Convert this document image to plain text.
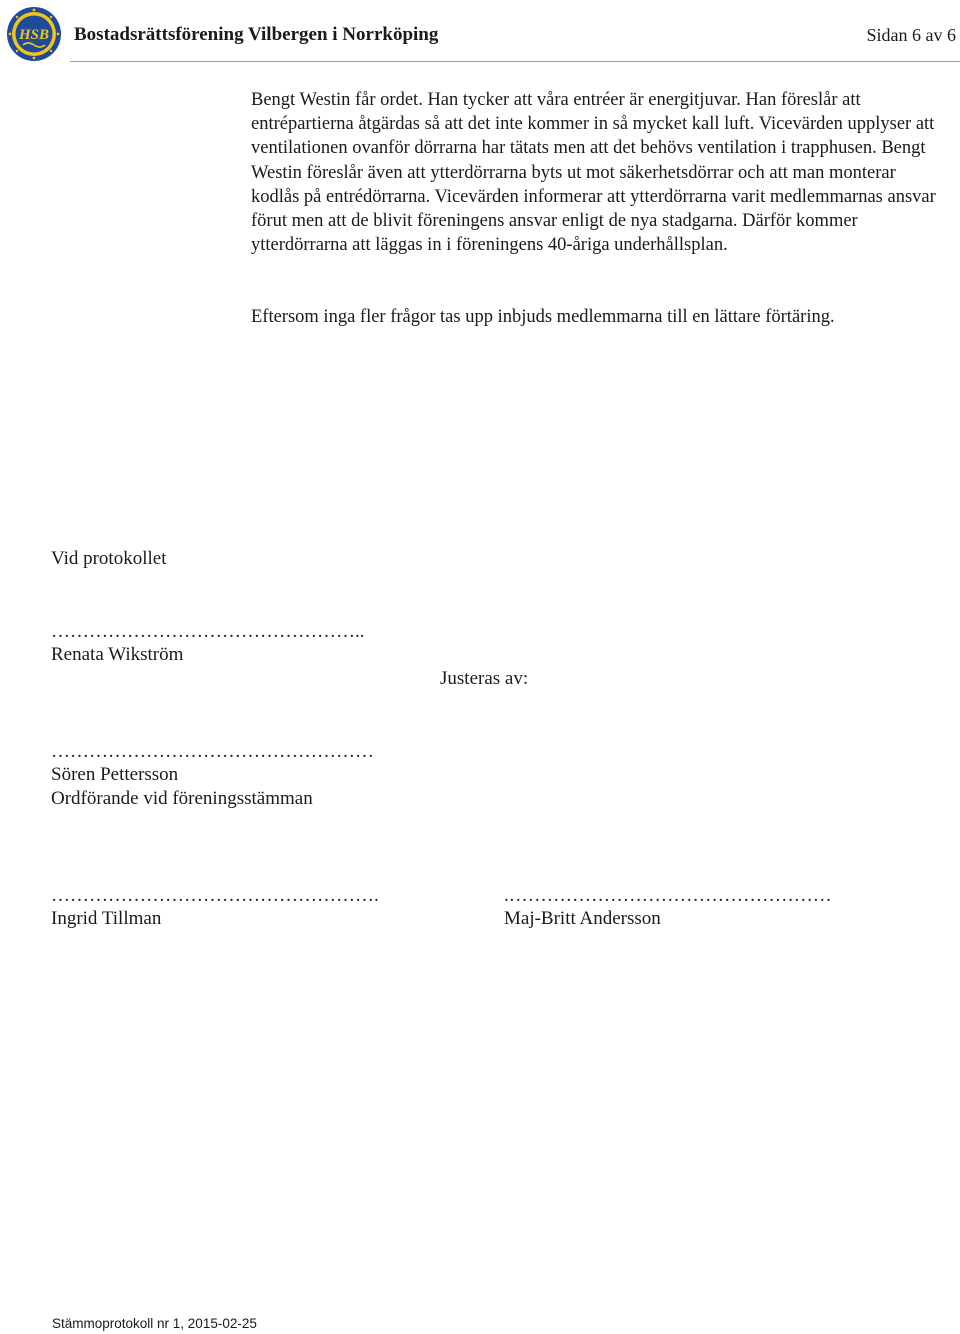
HSB Bostadsrättsförening Vilbergen i Norrköping	Sidan 6 av 6

Bengt Westin får ordet. Han tycker att våra entréer är energitjuvar. Han föreslår att entrépartierna åtgärdas så att det inte kommer in så mycket kall luft. Vicevärden upplyser att ventilationen ovanför dörrarna har tätats men att det behövs ventilation i trapphusen. Bengt Westin föreslår även att ytterdörrarna byts ut mot säkerhetsdörrar och att man monterar kodlås på entrédörrarna. Vicevärden informerar att ytterdörrarna varit medlemmarnas ansvar förut men att de blivit föreningens ansvar enligt de nya stadgarna. Därför kommer ytterdörrarna att läggas in i föreningens 40-åriga underhållsplan.

Eftersom inga fler frågor tas upp inbjuds medlemmarna till en lättare förtäring.

Vid protokollet
…………………………………………..
Renata Wikström
Justeras av:
……………………………………………
Sören Pettersson
Ordförande vid föreningsstämman
…………………………………………….
Ingrid Tillman
.……………………………………………
Maj-Britt Andersson
Stämmoprotokoll nr 1, 2015-02-25
